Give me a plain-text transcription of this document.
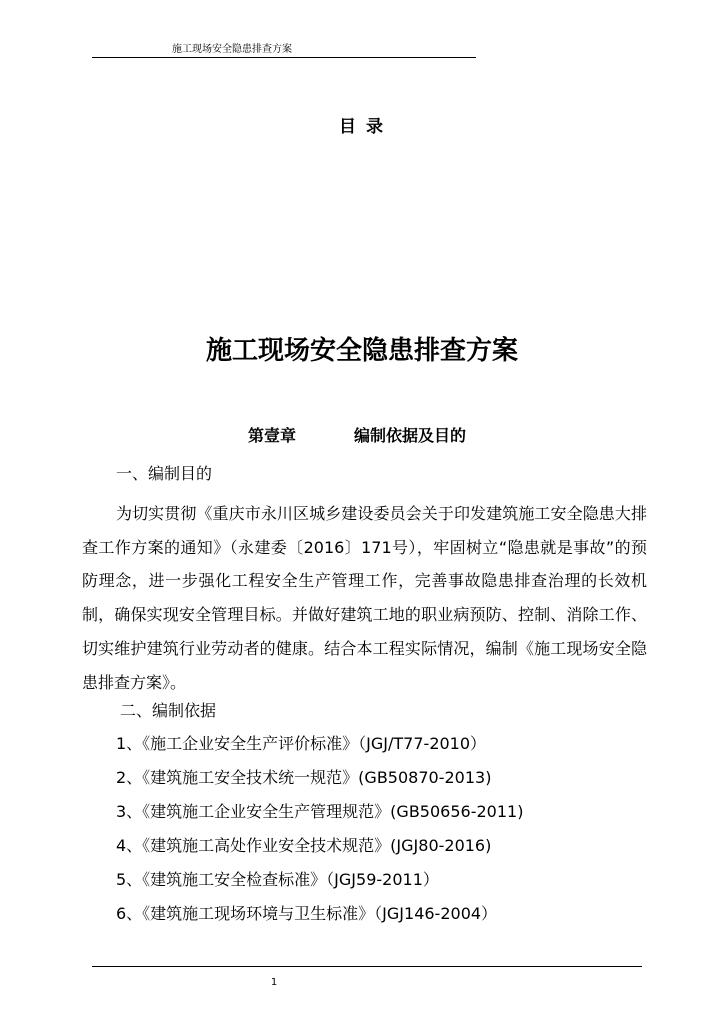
施工现场安全隐患排查方案
目 录
施工现场安全隐患排查方案
第壹章	编制依据及目的
一、编制目的
为切实贯彻《重庆市永川区城乡建设委员会关于印发建筑施工安全隐患大排查工作方案的通知》（永建委〔2016〕171号），牢固树立“隐患就是事故”的预防理念，进一步强化工程安全生产管理工作，完善事故隐患排查治理的长效机制，确保实现安全管理目标。并做好建筑工地的职业病预防、控制、消除工作、切实维护建筑行业劳动者的健康。结合本工程实际情况，编制《施工现场安全隐患排查方案》。
二、编制依据
1、《施工企业安全生产评价标准》（JGJ/T77-2010）
2、《建筑施工安全技术统一规范》(GB50870-2013)
3、《建筑施工企业安全生产管理规范》(GB50656-2011)
4、《建筑施工高处作业安全技术规范》(JGJ80-2016)
5、《建筑施工安全检查标准》（JGJ59-2011）
6、《建筑施工现场环境与卫生标准》（JGJ146-2004）
1
